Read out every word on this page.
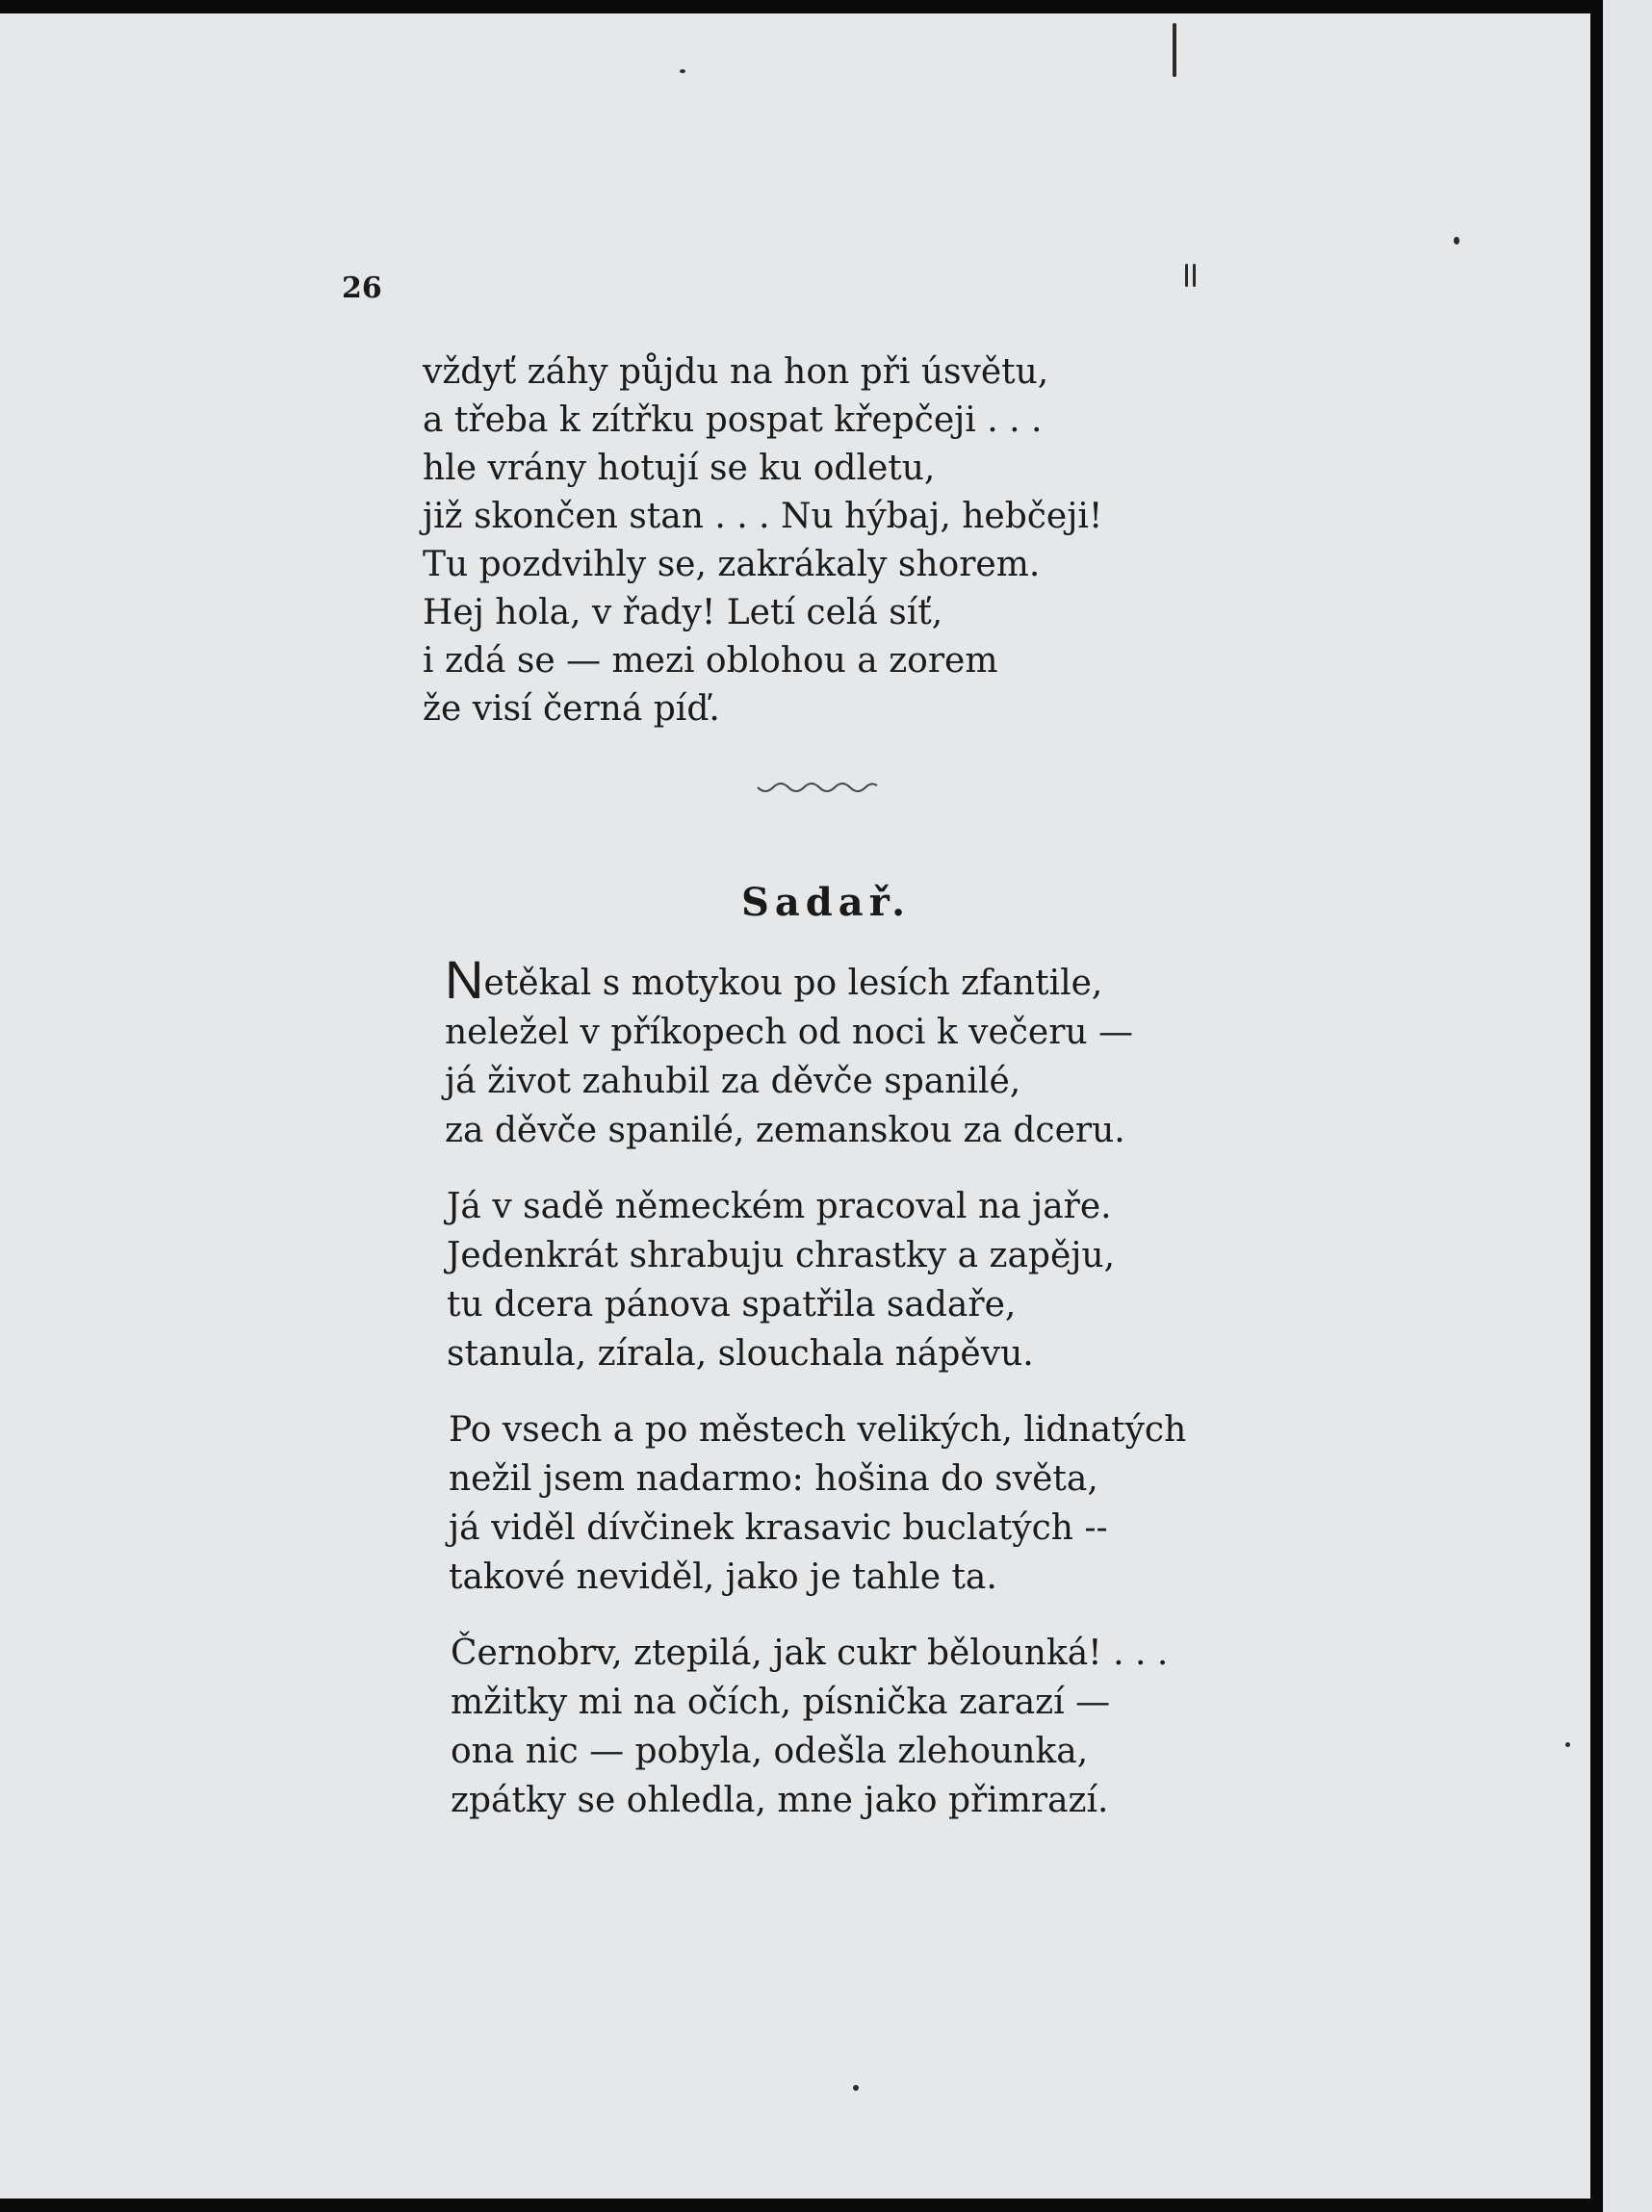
26

vždyť záhy půjdu na hon při úsvětu,
a třeba k zítřku pospat křepčeji . . .
hle vrány hotují se ku odletu,
již skončen stan . . . Nu hýbaj, hebčeji!
Tu pozdvihly se, zakrákaly shorem.
Hej hola, v řady! Letí celá síť,
i zdá se — mezi oblohou a zorem
že visí černá píď.
Sadař.
Netěkal s motykou po lesích zfantile,
neležel v příkopech od noci k večeru —
já život zahubil za děvče spanilé,
za děvče spanilé, zemanskou za dceru.
Já v sadě německém pracoval na jaře.
Jedenkrát shrabuju chrastky a zapěju,
tu dcera pánova spatřila sadaře,
stanula, zírala, slouchala nápěvu.
Po vsech a po městech velikých, lidnatých
nežil jsem nadarmo: hošina do světa,
já viděl dívčinek krasavic buclatých --
takové neviděl, jako je tahle ta.
Černobrv, ztepilá, jak cukr bělounká! . . .
mžitky mi na očích, písnička zarazí —
ona nic — pobyla, odešla zlehounka,
zpátky se ohledla, mne jako přimrazí.
